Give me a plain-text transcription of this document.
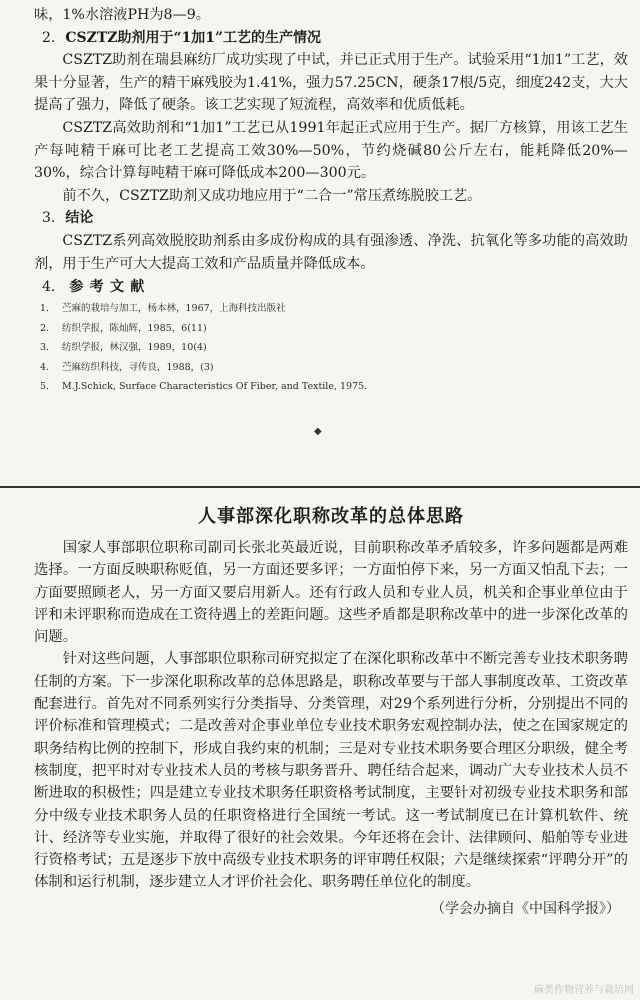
味，1%水溶液PH为8—9。

2. CSZTZ助剂用于“1加1”工艺的生产情况

CSZTZ助剂在瑞县麻纺厂成功实现了中试，并已正式用于生产。试验采用“1加1”工艺，效果十分显著，生产的精干麻残胶为1.41%，强力57.25CN，硬条17根/5克，细度242支，大大提高了强力，降低了硬条。该工艺实现了短流程，高效率和优质低耗。

CSZTZ高效助剂和“1加1”工艺已从1991年起正式应用于生产。据厂方核算，用该工艺生产每吨精干麻可比老工艺提高工效30%—50%，节约烧碱80公斤左右，能耗降低20%—30%，综合计算每吨精干麻可降低成本200—300元。

前不久，CSZTZ助剂又成功地应用于“二合一”常压煮练脱胶工艺。

3. 结论

CSZTZ系列高效脱胶助剂系由多成份构成的具有强渗透、净洗、抗氧化等多功能的高效助剂，用于生产可大大提高工效和产品质量并降低成本。

4. 参考文献

1. 苎麻的栽培与加工，杨本林，1967，上海科技出版社
2. 纺织学报，陈灿辉，1985，6(11)
3. 纺织学报，林汉强，1989，10(4)
4. 苎麻纺织科技，寻传良，1988，(3)
5. M.J.Schick, Surface Characteristics Of Fiber, and Textile, 1975.
◆
人事部深化职称改革的总体思路

国家人事部职位职称司副司长张北英最近说，目前职称改革矛盾较多，许多问题都是两难选择。一方面反映职称贬值，另一方面还要多评；一方面怕停下来，另一方面又怕乱下去；一方面要照顾老人，另一方面又要启用新人。还有行政人员和专业人员，机关和企事业单位由于评和未评职称而造成在工资待遇上的差距问题。这些矛盾都是职称改革中的进一步深化改革的问题。

针对这些问题，人事部职位职称司研究拟定了在深化职称改革中不断完善专业技术职务聘任制的方案。下一步深化职称改革的总体思路是，职称改革要与干部人事制度改革、工资改革配套进行。首先对不同系列实行分类指导、分类管理，对29个系列进行分析，分别提出不同的评价标准和管理模式；二是改善对企事业单位专业技术职务宏观控制办法，使之在国家规定的职务结构比例的控制下，形成自我约束的机制；三是对专业技术职务要合理区分职级，健全考核制度，把平时对专业技术人员的考核与职务晋升、聘任结合起来，调动广大专业技术人员不断进取的积极性；四是建立专业技术职务任职资格考试制度，主要针对初级专业技术职务和部分中级专业技术职务人员的任职资格进行全国统一考试。这一考试制度已在计算机软件、统计、经济等专业实施，并取得了很好的社会效果。今年还将在会计、法律顾问、船舶等专业进行资格考试；五是逐步下放中高级专业技术职务的评审聘任权限；六是继续探索“评聘分开”的体制和运行机制，逐步建立人才评价社会化、职务聘任单位化的制度。

（学会办摘自《中国科学报》）

麻类作物营养与栽培网
